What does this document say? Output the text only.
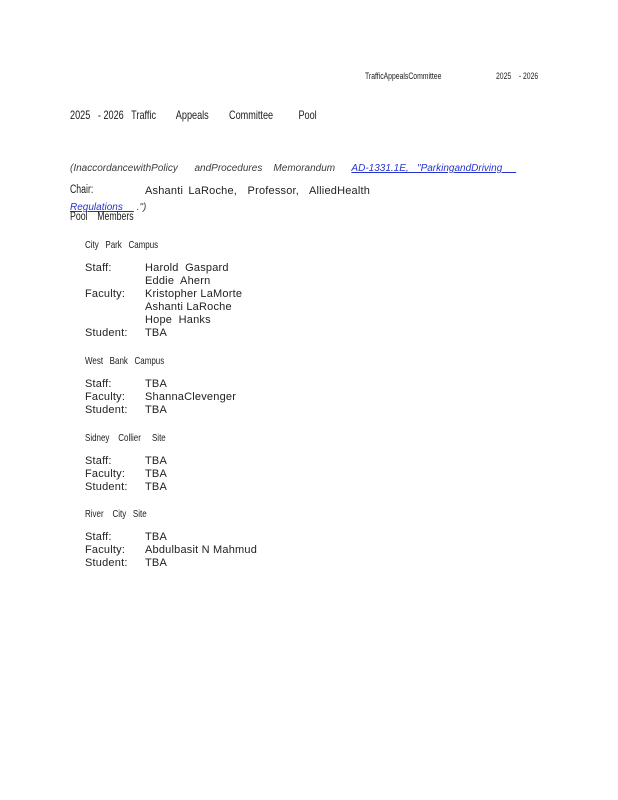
TrafficAppealsCommittee	2025    - 2026
2025   - 2026   Traffic        Appeals        Committee          Pool

(InaccordancewithPolicy      andProcedures    Memorandum      AD-1331.1E,   "ParkingandDriving

Regulations     .")

Chair:	Ashanti LaRoche,  Professor,  AlliedHealth
Pool    Members
City   Park   Campus
Staff:	Harold  Gaspard
Eddie  Ahern
Faculty:	Kristopher LaMorte
Ashanti LaRoche
Hope  Hanks
Student:	TBA
West   Bank   Campus
Staff:	TBA
Faculty:	ShannaClevenger
Student:	TBA
Sidney    Collier     Site
Staff:	TBA
Faculty:	TBA
Student:	TBA
River    City   Site
Staff:	TBA
Faculty:	Abdulbasit N Mahmud
Student:	TBA
